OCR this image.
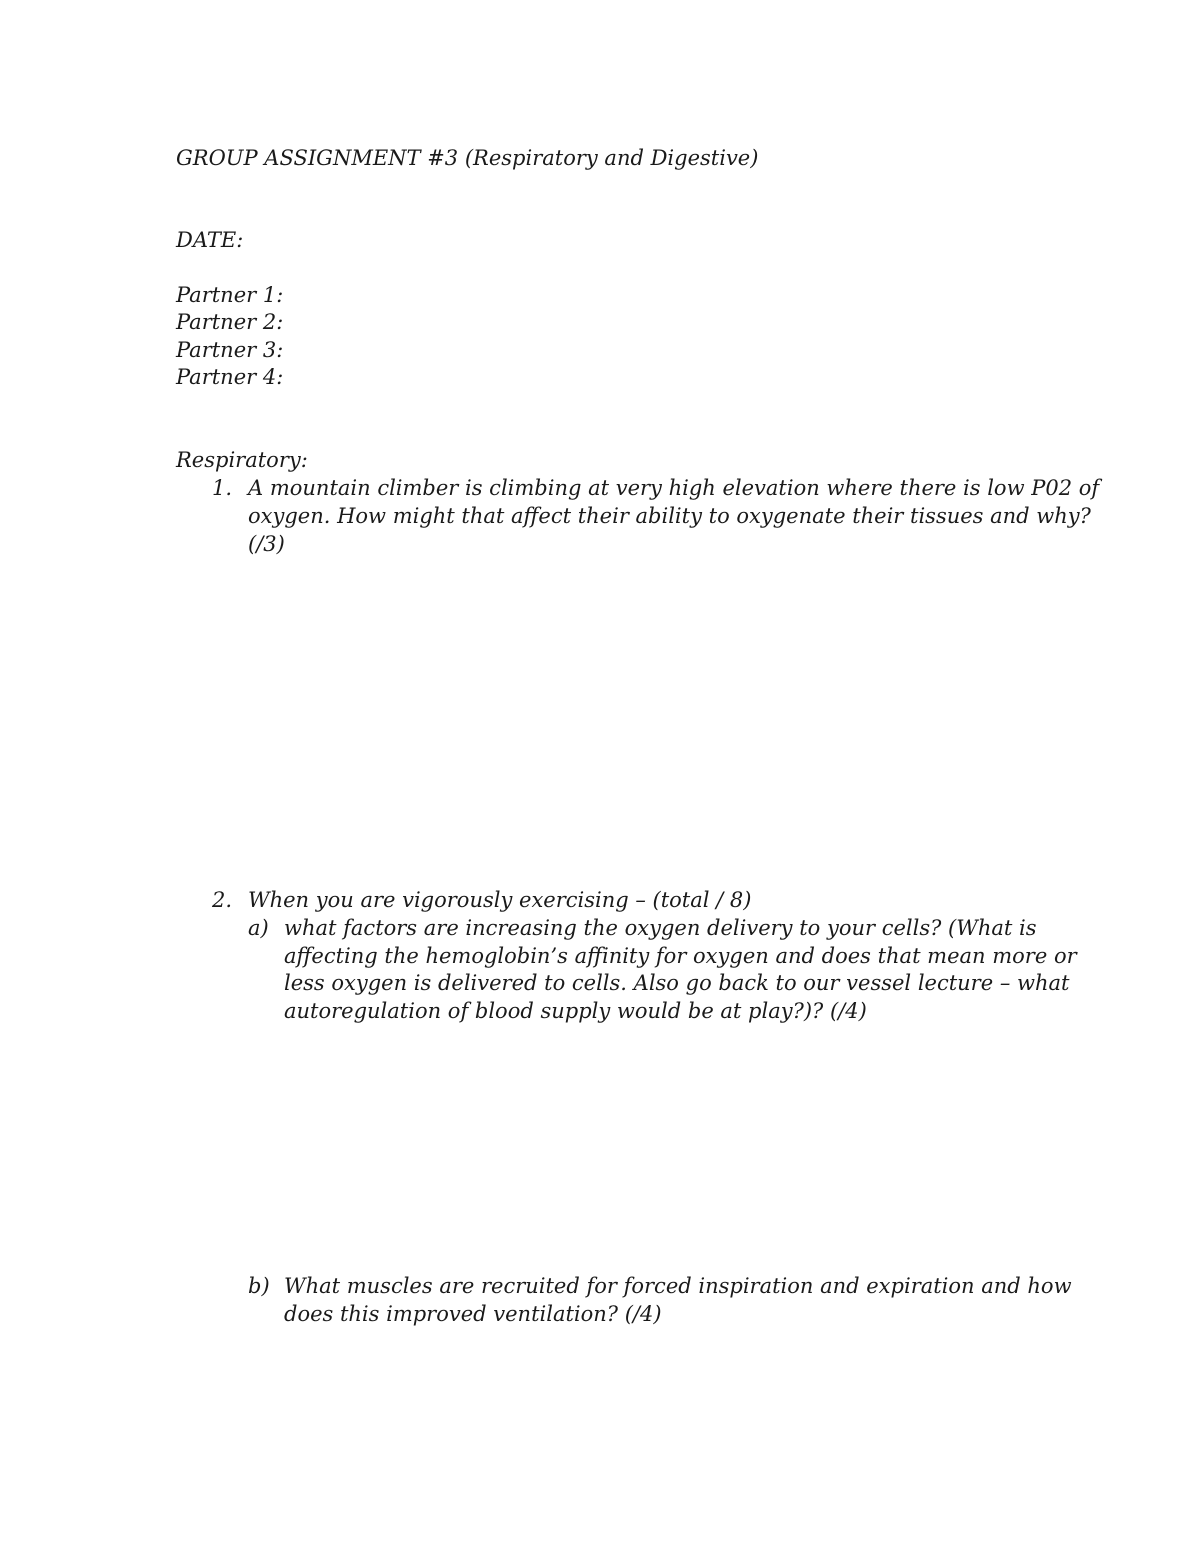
GROUP ASSIGNMENT #3 (Respiratory and Digestive)
DATE:
Partner 1:
Partner 2:
Partner 3:
Partner 4:
Respiratory:
1. A mountain climber is climbing at very high elevation where there is low P02 of
oxygen. How might that affect their ability to oxygenate their tissues and why?
(/3)
2. When you are vigorously exercising – (total / 8)
a) what factors are increasing the oxygen delivery to your cells? (What is
affecting the hemoglobin’s affinity for oxygen and does that mean more or
less oxygen is delivered to cells. Also go back to our vessel lecture – what
autoregulation of blood supply would be at play?)? (/4)
b) What muscles are recruited for forced inspiration and expiration and how
does this improved ventilation? (/4)
